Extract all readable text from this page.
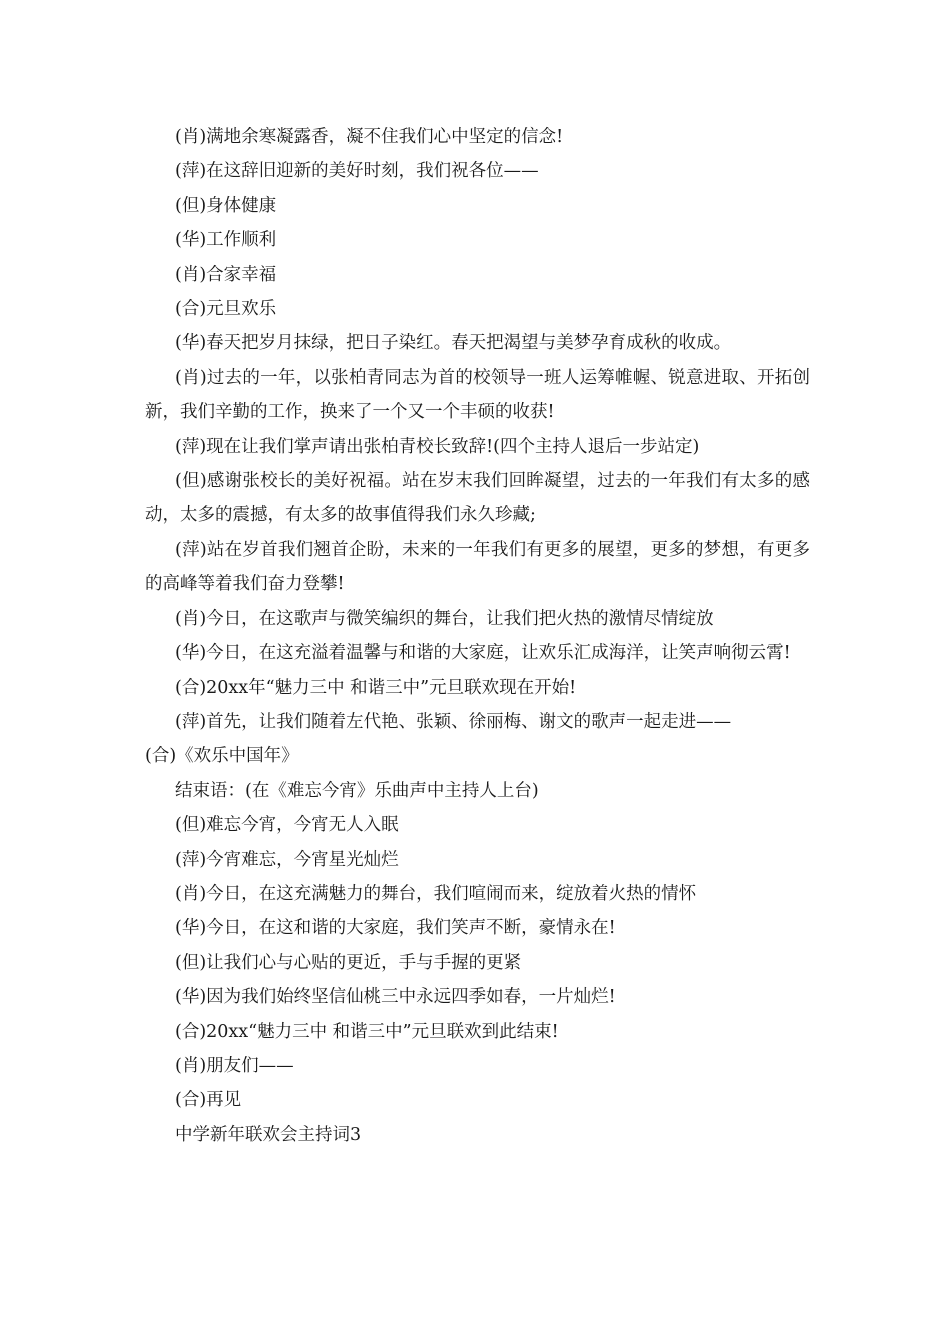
(肖)满地余寒凝露香，凝不住我们心中坚定的信念!

(萍)在这辞旧迎新的美好时刻，我们祝各位——

(但)身体健康

(华)工作顺利

(肖)合家幸福

(合)元旦欢乐

(华)春天把岁月抹绿，把日子染红。春天把渴望与美梦孕育成秋的收成。

(肖)过去的一年，以张柏青同志为首的校领导一班人运筹帷幄、锐意进取、开拓创新，我们辛勤的工作，换来了一个又一个丰硕的收获!

(萍)现在让我们掌声请出张柏青校长致辞!(四个主持人退后一步站定)

(但)感谢张校长的美好祝福。站在岁末我们回眸凝望，过去的一年我们有太多的感动，太多的震撼，有太多的故事值得我们永久珍藏;

(萍)站在岁首我们翘首企盼，未来的一年我们有更多的展望，更多的梦想，有更多的高峰等着我们奋力登攀!

(肖)今日，在这歌声与微笑编织的舞台，让我们把火热的激情尽情绽放

(华)今日，在这充溢着温馨与和谐的大家庭，让欢乐汇成海洋，让笑声响彻云霄!

(合)20xx年“魅力三中 和谐三中”元旦联欢现在开始!

(萍)首先，让我们随着左代艳、张颖、徐丽梅、谢文的歌声一起走进——

(合)《欢乐中国年》

结束语：(在《难忘今宵》乐曲声中主持人上台)

(但)难忘今宵，今宵无人入眠

(萍)今宵难忘，今宵星光灿烂

(肖)今日，在这充满魅力的舞台，我们喧闹而来，绽放着火热的情怀

(华)今日，在这和谐的大家庭，我们笑声不断，豪情永在!

(但)让我们心与心贴的更近，手与手握的更紧

(华)因为我们始终坚信仙桃三中永远四季如春，一片灿烂!

(合)20xx“魅力三中 和谐三中”元旦联欢到此结束!

(肖)朋友们——

(合)再见

中学新年联欢会主持词3
